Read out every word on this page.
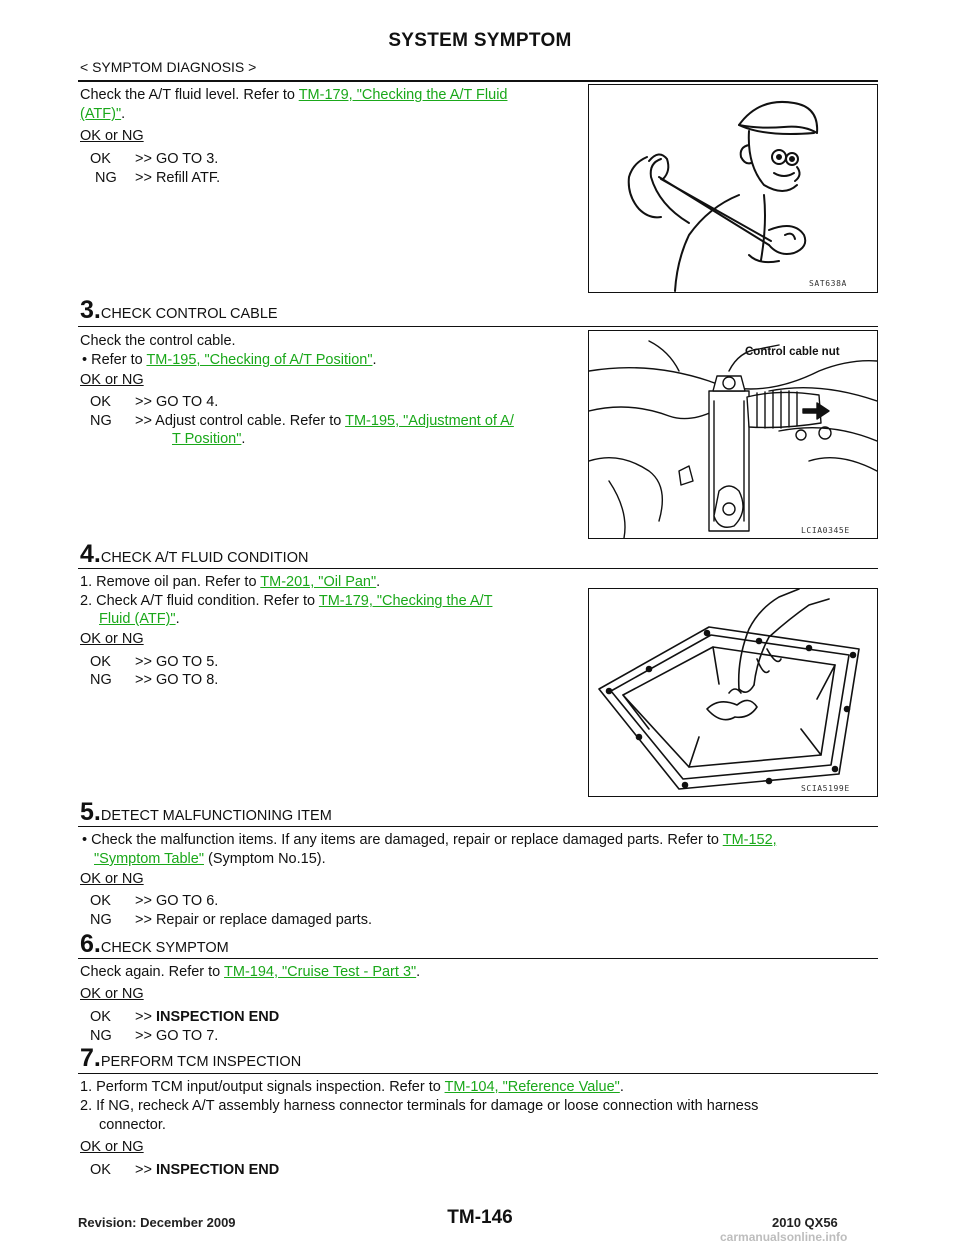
SYSTEM SYMPTOM
< SYMPTOM DIAGNOSIS >
Check the A/T fluid level. Refer to TM-179, "Checking the A/T Fluid
(ATF)".
OK or NG
OK >> GO TO 3.
NG >> Refill ATF.
SAT638A
3.CHECK CONTROL CABLE
Check the control cable.
• Refer to TM-195, "Checking of A/T Position".
OK or NG
OK >> GO TO 4.
NG >> Adjust control cable. Refer to TM-195, "Adjustment of A/
T Position".
Control cable nut
LCIA0345E
4.CHECK A/T FLUID CONDITION
1. Remove oil pan. Refer to TM-201, "Oil Pan".
2. Check A/T fluid condition. Refer to TM-179, "Checking the A/T
Fluid (ATF)".
OK or NG
OK >> GO TO 5.
NG >> GO TO 8.
SCIA5199E
5.DETECT MALFUNCTIONING ITEM
• Check the malfunction items. If any items are damaged, repair or replace damaged parts. Refer to TM-152,
"Symptom Table" (Symptom No.15).
OK or NG
OK >> GO TO 6.
NG >> Repair or replace damaged parts.
6.CHECK SYMPTOM
Check again. Refer to TM-194, "Cruise Test - Part 3".
OK or NG
OK >> INSPECTION END
NG >> GO TO 7.
7.PERFORM TCM INSPECTION
1. Perform TCM input/output signals inspection. Refer to TM-104, "Reference Value".
2. If NG, recheck A/T assembly harness connector terminals for damage or loose connection with harness
connector.
OK or NG
OK >> INSPECTION END
Revision: December 2009	TM-146	2010 QX56
carmanualsonline.info
